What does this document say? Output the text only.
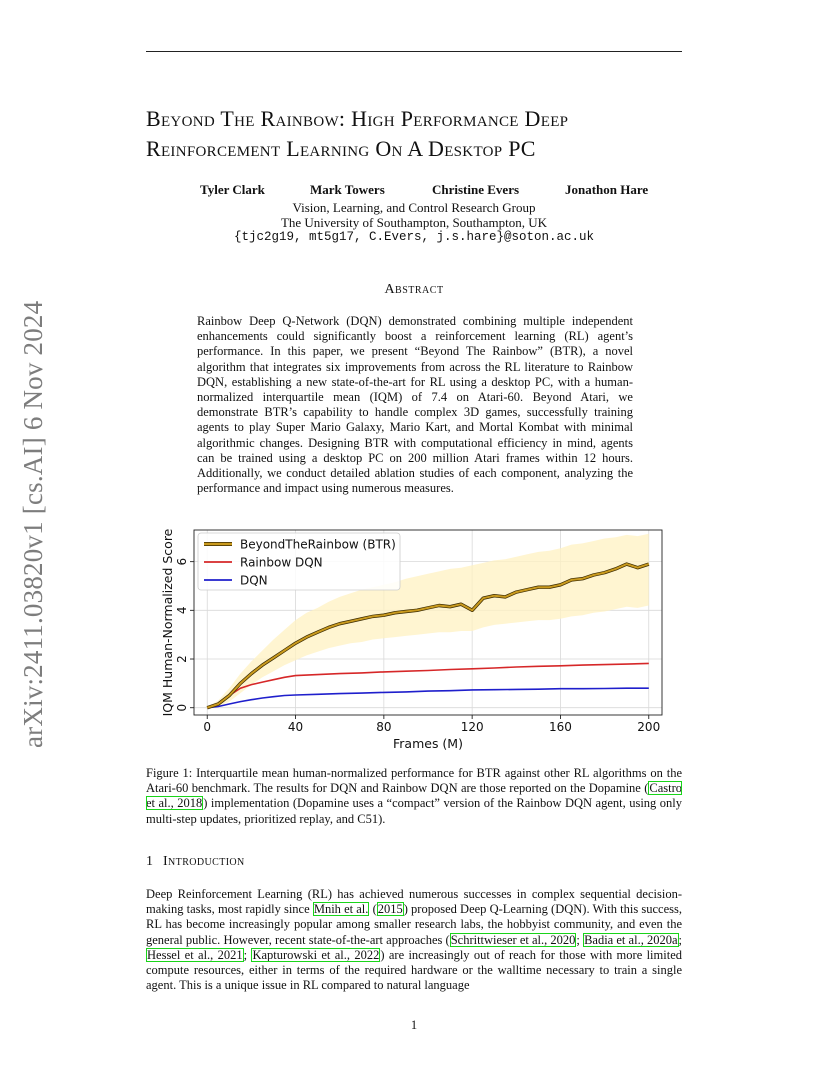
arXiv:2411.03820v1 [cs.AI] 6 Nov 2024
Beyond The Rainbow: High Performance Deep
Reinforcement Learning On A Desktop PC
Tyler Clark	Mark Towers	Christine Evers	Jonathon Hare
Vision, Learning, and Control Research Group
The University of Southampton, Southampton, UK
{tjc2g19, mt5g17, C.Evers, j.s.hare}@soton.ac.uk
Abstract
Rainbow Deep Q-Network (DQN) demonstrated combining multiple independent enhancements could significantly boost a reinforcement learning (RL) agent’s performance. In this paper, we present “Beyond The Rainbow” (BTR), a novel algorithm that integrates six improvements from across the RL literature to Rainbow DQN, establishing a new state-of-the-art for RL using a desktop PC, with a human-normalized interquartile mean (IQM) of 7.4 on Atari-60. Beyond Atari, we demonstrate BTR’s capability to handle complex 3D games, successfully training agents to play Super Mario Galaxy, Mario Kart, and Mortal Kombat with minimal algorithmic changes. Designing BTR with computational efficiency in mind, agents can be trained using a desktop PC on 200 million Atari frames within 12 hours. Additionally, we conduct detailed ablation studies of each component, analyzing the performance and impact using numerous measures.
0	40	80	120	160	200
0
2
4
6
Frames (M)
IQM Human-Normalized Score	BeyondTheRainbow (BTR)
Rainbow DQN
DQN
Figure 1: Interquartile mean human-normalized performance for BTR against other RL algorithms on the Atari-60 benchmark. The results for DQN and Rainbow DQN are those reported on the Dopamine (Castro et al., 2018) implementation (Dopamine uses a “compact” version of the Rainbow DQN agent, using only multi-step updates, prioritized replay, and C51).
1 Introduction
Deep Reinforcement Learning (RL) has achieved numerous successes in complex sequential decision-making tasks, most rapidly since Mnih et al. (2015) proposed Deep Q-Learning (DQN). With this success, RL has become increasingly popular among smaller research labs, the hobbyist community, and even the general public. However, recent state-of-the-art approaches (Schrittwieser et al., 2020; Badia et al., 2020a; Hessel et al., 2021; Kapturowski et al., 2022) are increasingly out of reach for those with more limited compute resources, either in terms of the required hardware or the walltime necessary to train a single agent. This is a unique issue in RL compared to natural language
1
